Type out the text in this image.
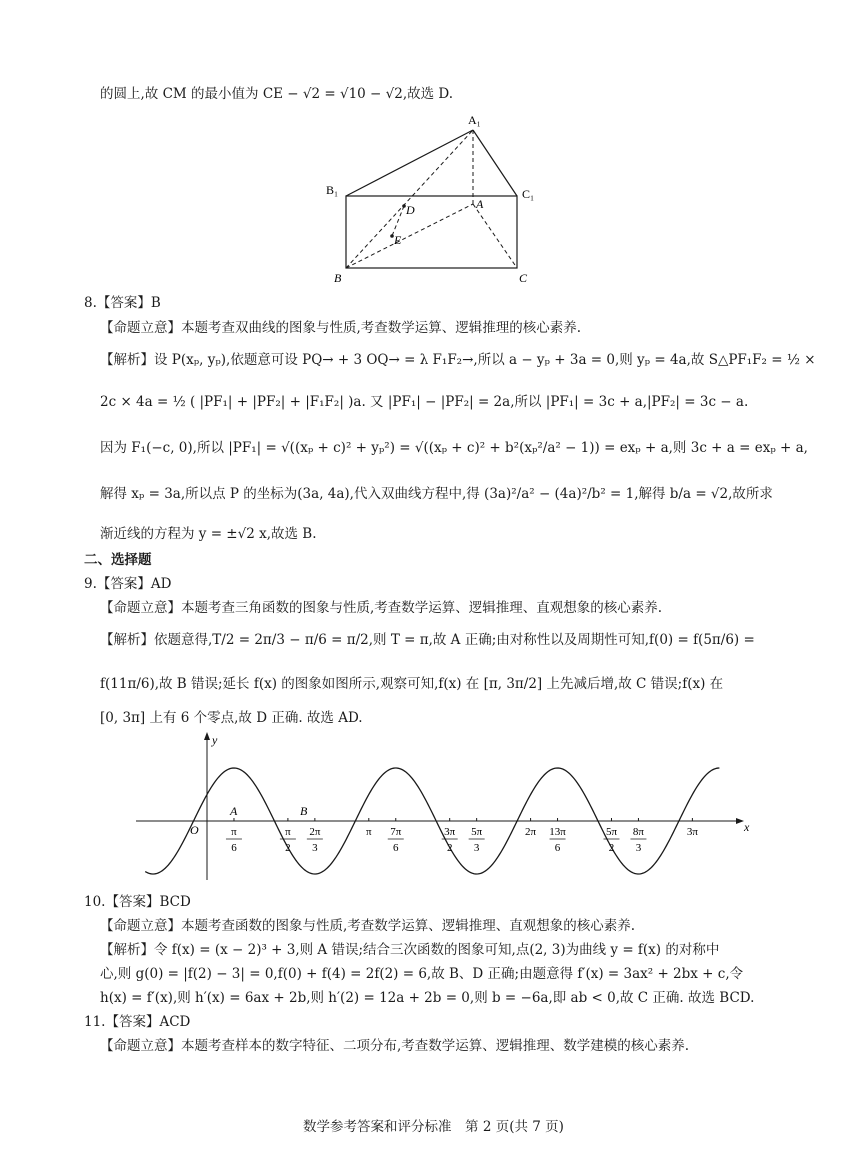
的圆上,故 CM 的最小值为 CE − √2 = √10 − √2,故选 D.
A₁
B₁	C₁
A
B	C
D
E
8.【答案】B
【命题立意】本题考查双曲线的图象与性质,考查数学运算、逻辑推理的核心素养.
【解析】设 P(xₚ, yₚ),依题意可设 PQ→ + 3 OQ→ = λ F₁F₂→,所以 a − yₚ + 3a = 0,则 yₚ = 4a,故 S△PF₁F₂ = ½ ×
2c × 4a = ½ ( |PF₁| + |PF₂| + |F₁F₂| )a. 又 |PF₁| − |PF₂| = 2a,所以 |PF₁| = 3c + a,|PF₂| = 3c − a.
因为 F₁(−c, 0),所以 |PF₁| = √((xₚ + c)² + yₚ²) = √((xₚ + c)² + b²(xₚ²/a² − 1)) = exₚ + a,则 3c + a = exₚ + a,
解得 xₚ = 3a,所以点 P 的坐标为(3a, 4a),代入双曲线方程中,得 (3a)²/a² − (4a)²/b² = 1,解得 b/a = √2,故所求
渐近线的方程为 y = ±√2 x,故选 B.
二、选择题
9.【答案】AD
【命题立意】本题考查三角函数的图象与性质,考查数学运算、逻辑推理、直观想象的核心素养.
【解析】依题意得,T/2 = 2π/3 − π/6 = π/2,则 T = π,故 A 正确;由对称性以及周期性可知,f(0) = f(5π/6) =
f(11π/6),故 B 错误;延长 f(x) 的图象如图所示,观察可知,f(x) 在 [π, 3π/2] 上先减后增,故 C 错误;f(x) 在
[0, 3π] 上有 6 个零点,故 D 正确. 故选 AD.
x
y
O
A	B
π
6
π
2
2π
3
π 7π
6
3π
2
5π
3
2π 13π
6
5π
2
8π
3
3π
10.【答案】BCD
【命题立意】本题考查函数的图象与性质,考查数学运算、逻辑推理、直观想象的核心素养.
【解析】令 f(x) = (x − 2)³ + 3,则 A 错误;结合三次函数的图象可知,点(2, 3)为曲线 y = f(x) 的对称中
心,则 g(0) = |f(2) − 3| = 0,f(0) + f(4) = 2f(2) = 6,故 B、D 正确;由题意得 f′(x) = 3ax² + 2bx + c,令
h(x) = f′(x),则 h′(x) = 6ax + 2b,则 h′(2) = 12a + 2b = 0,则 b = −6a,即 ab < 0,故 C 正确. 故选 BCD.
11.【答案】ACD
【命题立意】本题考查样本的数字特征、二项分布,考查数学运算、逻辑推理、数学建模的核心素养.
数学参考答案和评分标准　第 2 页(共 7 页)
